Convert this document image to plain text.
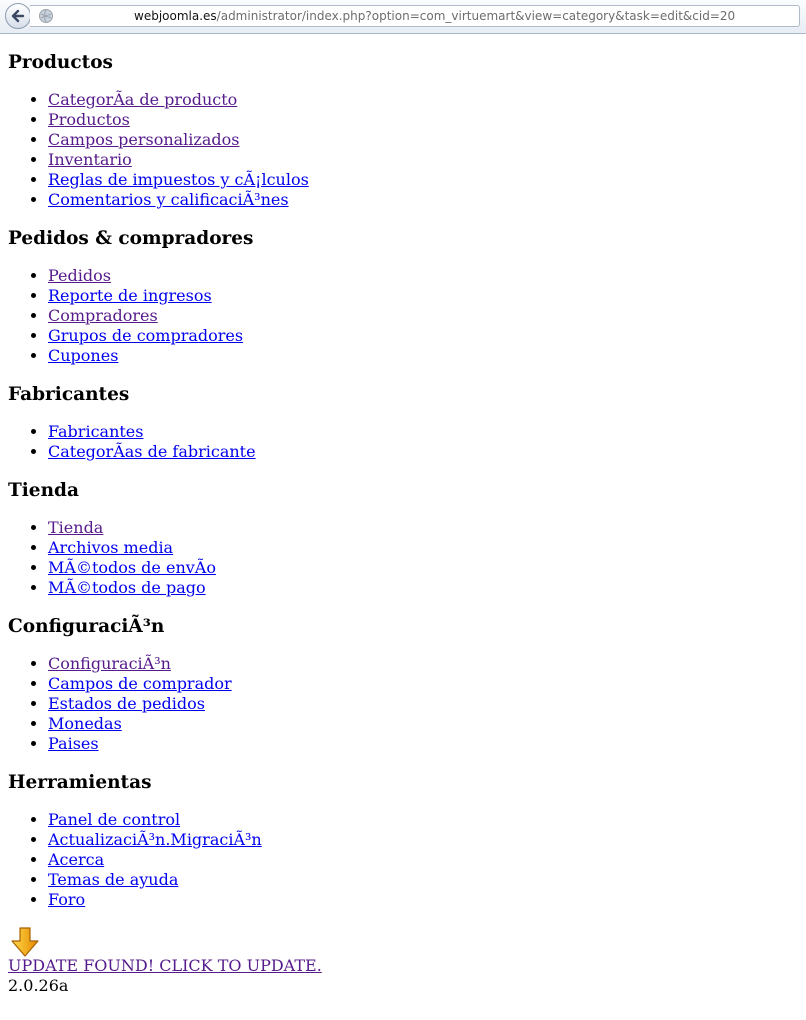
webjoomla.es/administrator/index.php?option=com_virtuemart&view=category&task=edit&cid=20
Productos
• CategorÃa de producto
• Productos
• Campos personalizados
• Inventario
• Reglas de impuestos y cÃ¡lculos
• Comentarios y calificaciÃ³nes
Pedidos & compradores
• Pedidos
• Reporte de ingresos
• Compradores
• Grupos de compradores
• Cupones
Fabricantes
• Fabricantes
• CategorÃas de fabricante
Tienda
• Tienda
• Archivos media
• MÃ©todos de envÃo
• MÃ©todos de pago
ConfiguraciÃ³n
• ConfiguraciÃ³n
• Campos de comprador
• Estados de pedidos
• Monedas
• Paises
Herramientas
• Panel de control
• ActualizaciÃ³n.MigraciÃ³n
• Acerca
• Temas de ayuda
• Foro
UPDATE FOUND! CLICK TO UPDATE.
2.0.26a
